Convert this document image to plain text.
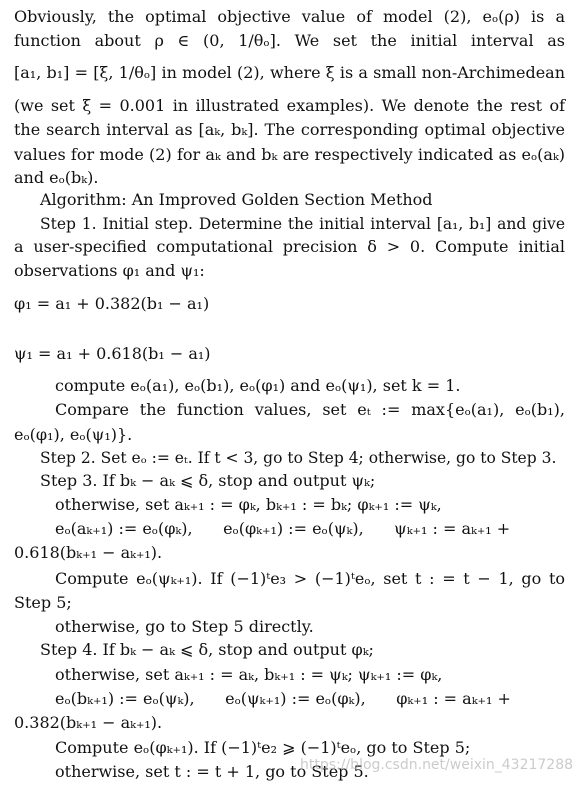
Obviously, the optimal objective value of model (2), eₒ(ρ) is a
function about ρ ∈ (0, 1/θₒ]. We set the initial interval as
[a₁, b₁] = [ξ, 1/θₒ] in model (2), where ξ is a small non-Archimedean
(we set ξ = 0.001 in illustrated examples). We denote the rest of
the search interval as [aₖ, bₖ]. The corresponding optimal objective
values for mode (2) for aₖ and bₖ are respectively indicated as eₒ(aₖ)
and eₒ(bₖ).
Algorithm: An Improved Golden Section Method
Step 1. Initial step. Determine the initial interval [a₁, b₁] and give
a user-specified computational precision δ > 0. Compute initial
observations φ₁ and ψ₁:
φ₁ = a₁ + 0.382(b₁ − a₁)
ψ₁ = a₁ + 0.618(b₁ − a₁)
compute eₒ(a₁), eₒ(b₁), eₒ(φ₁) and eₒ(ψ₁), set k = 1.
Compare the function values, set eₜ := max{eₒ(a₁), eₒ(b₁),
eₒ(φ₁), eₒ(ψ₁)}.
Step 2. Set eₒ := eₜ. If t < 3, go to Step 4; otherwise, go to Step 3.
Step 3. If bₖ − aₖ ⩽ δ, stop and output ψₖ;
otherwise, set aₖ₊₁ : = φₖ, bₖ₊₁ : = bₖ; φₖ₊₁ := ψₖ,
eₒ(aₖ₊₁) := eₒ(φₖ),      eₒ(φₖ₊₁) := eₒ(ψₖ),      ψₖ₊₁ : = aₖ₊₁ +
0.618(bₖ₊₁ − aₖ₊₁).
Compute eₒ(ψₖ₊₁). If (−1)ᵗe₃ > (−1)ᵗeₒ, set t : = t − 1, go to
Step 5;
otherwise, go to Step 5 directly.
Step 4. If bₖ − aₖ ⩽ δ, stop and output φₖ;
otherwise, set aₖ₊₁ : = aₖ, bₖ₊₁ : = ψₖ; ψₖ₊₁ := φₖ,
eₒ(bₖ₊₁) := eₒ(ψₖ),      eₒ(ψₖ₊₁) := eₒ(φₖ),      φₖ₊₁ : = aₖ₊₁ +
0.382(bₖ₊₁ − aₖ₊₁).
Compute eₒ(φₖ₊₁). If (−1)ᵗe₂ ⩾ (−1)ᵗeₒ, go to Step 5;
otherwise, set t : = t + 1, go to Step 5.
https://blog.csdn.net/weixin_43217288
